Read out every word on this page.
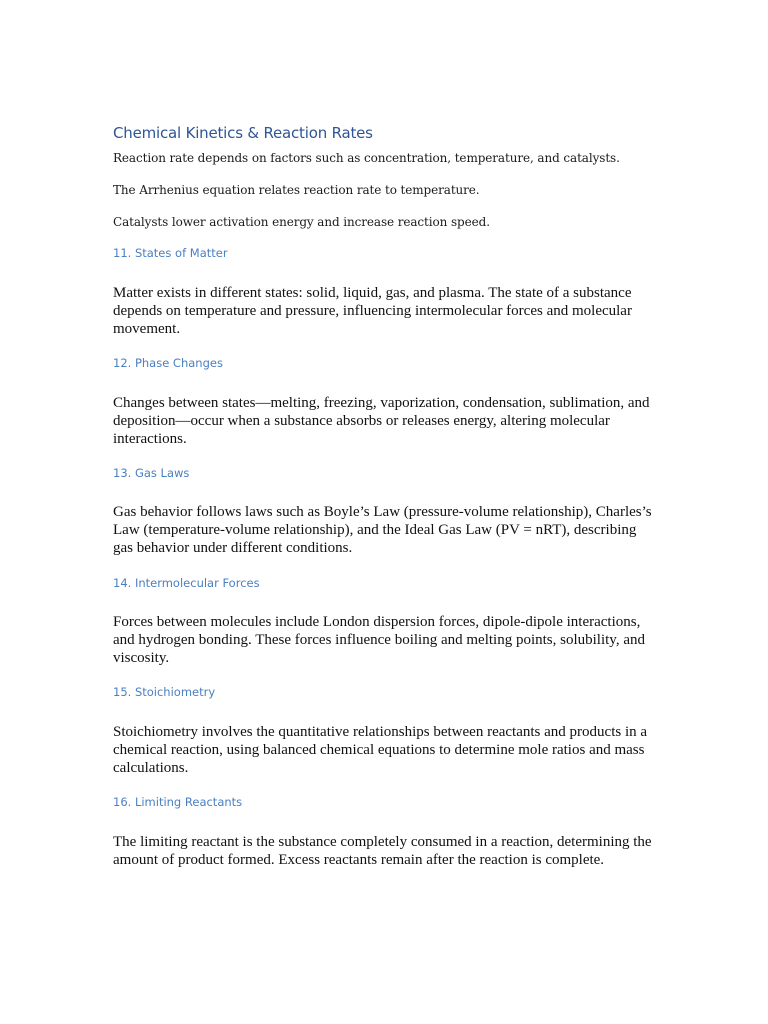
Chemical Kinetics & Reaction Rates

Reaction rate depends on factors such as concentration, temperature, and catalysts.

The Arrhenius equation relates reaction rate to temperature.

Catalysts lower activation energy and increase reaction speed.

11. States of Matter

Matter exists in different states: solid, liquid, gas, and plasma. The state of a substance depends on temperature and pressure, influencing intermolecular forces and molecular movement.

12. Phase Changes

Changes between states—melting, freezing, vaporization, condensation, sublimation, and deposition—occur when a substance absorbs or releases energy, altering molecular interactions.

13. Gas Laws

Gas behavior follows laws such as Boyle’s Law (pressure-volume relationship), Charles’s Law (temperature-volume relationship), and the Ideal Gas Law (PV = nRT), describing gas behavior under different conditions.

14. Intermolecular Forces

Forces between molecules include London dispersion forces, dipole-dipole interactions, and hydrogen bonding. These forces influence boiling and melting points, solubility, and viscosity.

15. Stoichiometry

Stoichiometry involves the quantitative relationships between reactants and products in a chemical reaction, using balanced chemical equations to determine mole ratios and mass calculations.

16. Limiting Reactants

The limiting reactant is the substance completely consumed in a reaction, determining the amount of product formed. Excess reactants remain after the reaction is complete.
